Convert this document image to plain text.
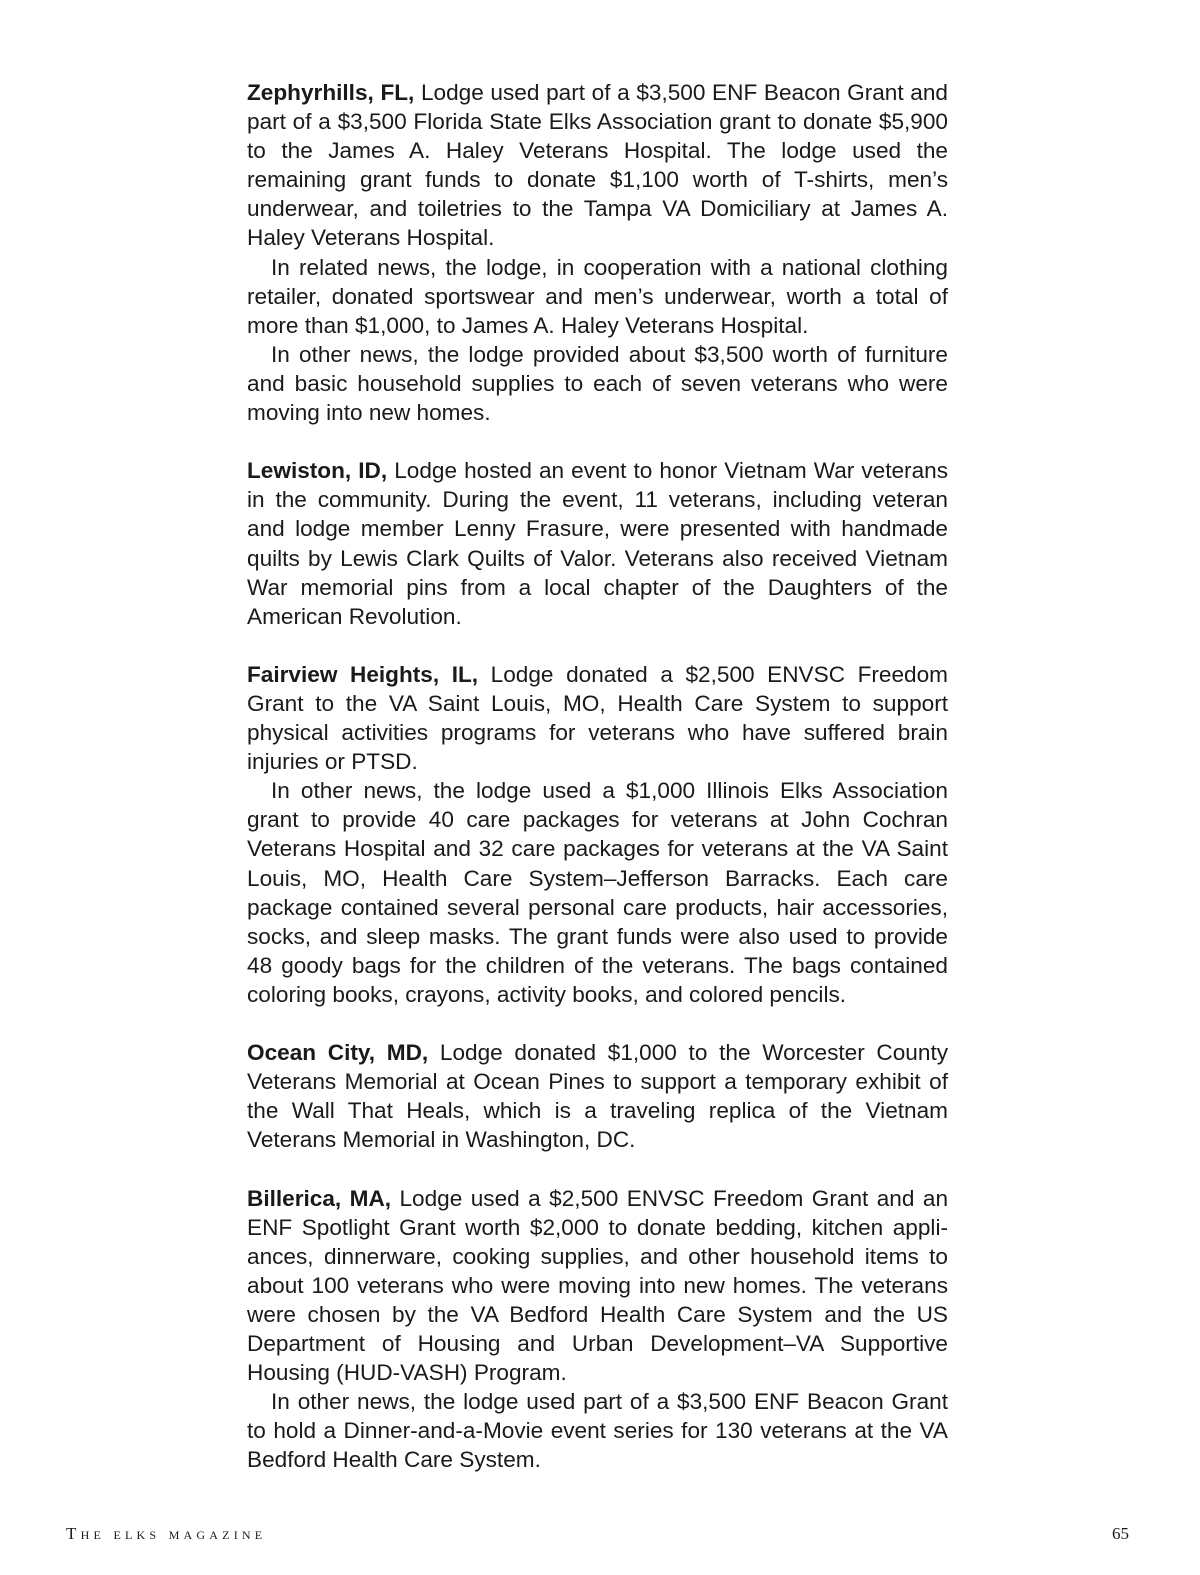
Zephyrhills, FL, Lodge used part of a $3,500 ENF Beacon Grant and part of a $3,500 Florida State Elks Association grant to donate $5,900 to the James A. Haley Veterans Hospital. The lodge used the remaining grant funds to donate $1,100 worth of T-shirts, men’s underwear, and toiletries to the Tampa VA Domiciliary at James A. Haley Veterans Hospital.

In related news, the lodge, in cooperation with a national clothing retailer, donated sportswear and men’s underwear, worth a total of more than $1,000, to James A. Haley Veterans Hospital.

In other news, the lodge provided about $3,500 worth of furniture and basic household supplies to each of seven veterans who were moving into new homes.

Lewiston, ID, Lodge hosted an event to honor Vietnam War veterans in the community. During the event, 11 veterans, including veteran and lodge member Lenny Frasure, were presented with handmade quilts by Lewis Clark Quilts of Valor. Veterans also received Vietnam War memorial pins from a local chapter of the Daughters of the American Revolution.

Fairview Heights, IL, Lodge donated a $2,500 ENVSC Freedom Grant to the VA Saint Louis, MO, Health Care System to support physical activities programs for veterans who have suffered brain injuries or PTSD.

In other news, the lodge used a $1,000 Illinois Elks Association grant to provide 40 care packages for veterans at John Cochran Veterans Hospital and 32 care packages for veterans at the VA Saint Louis, MO, Health Care System–Jefferson Barracks. Each care package contained several personal care products, hair accessories, socks, and sleep masks. The grant funds were also used to provide 48 goody bags for the children of the veterans. The bags contained coloring books, crayons, activity books, and colored pencils.

Ocean City, MD, Lodge donated $1,000 to the Worcester County Veterans Memorial at Ocean Pines to support a temporary exhibit of the Wall That Heals, which is a traveling replica of the Vietnam Veterans Memorial in Washington, DC.

Billerica, MA, Lodge used a $2,500 ENVSC Freedom Grant and an ENF Spotlight Grant worth $2,000 to donate bedding, kitchen appliances, dinnerware, cooking supplies, and other household items to about 100 veterans who were moving into new homes. The veterans were chosen by the VA Bedford Health Care System and the US Department of Housing and Urban Development–VA Supportive Housing (HUD-VASH) Program.

In other news, the lodge used part of a $3,500 ENF Beacon Grant to hold a Dinner-and-a-Movie event series for 130 veterans at the VA Bedford Health Care System.

The elks magazine	65
